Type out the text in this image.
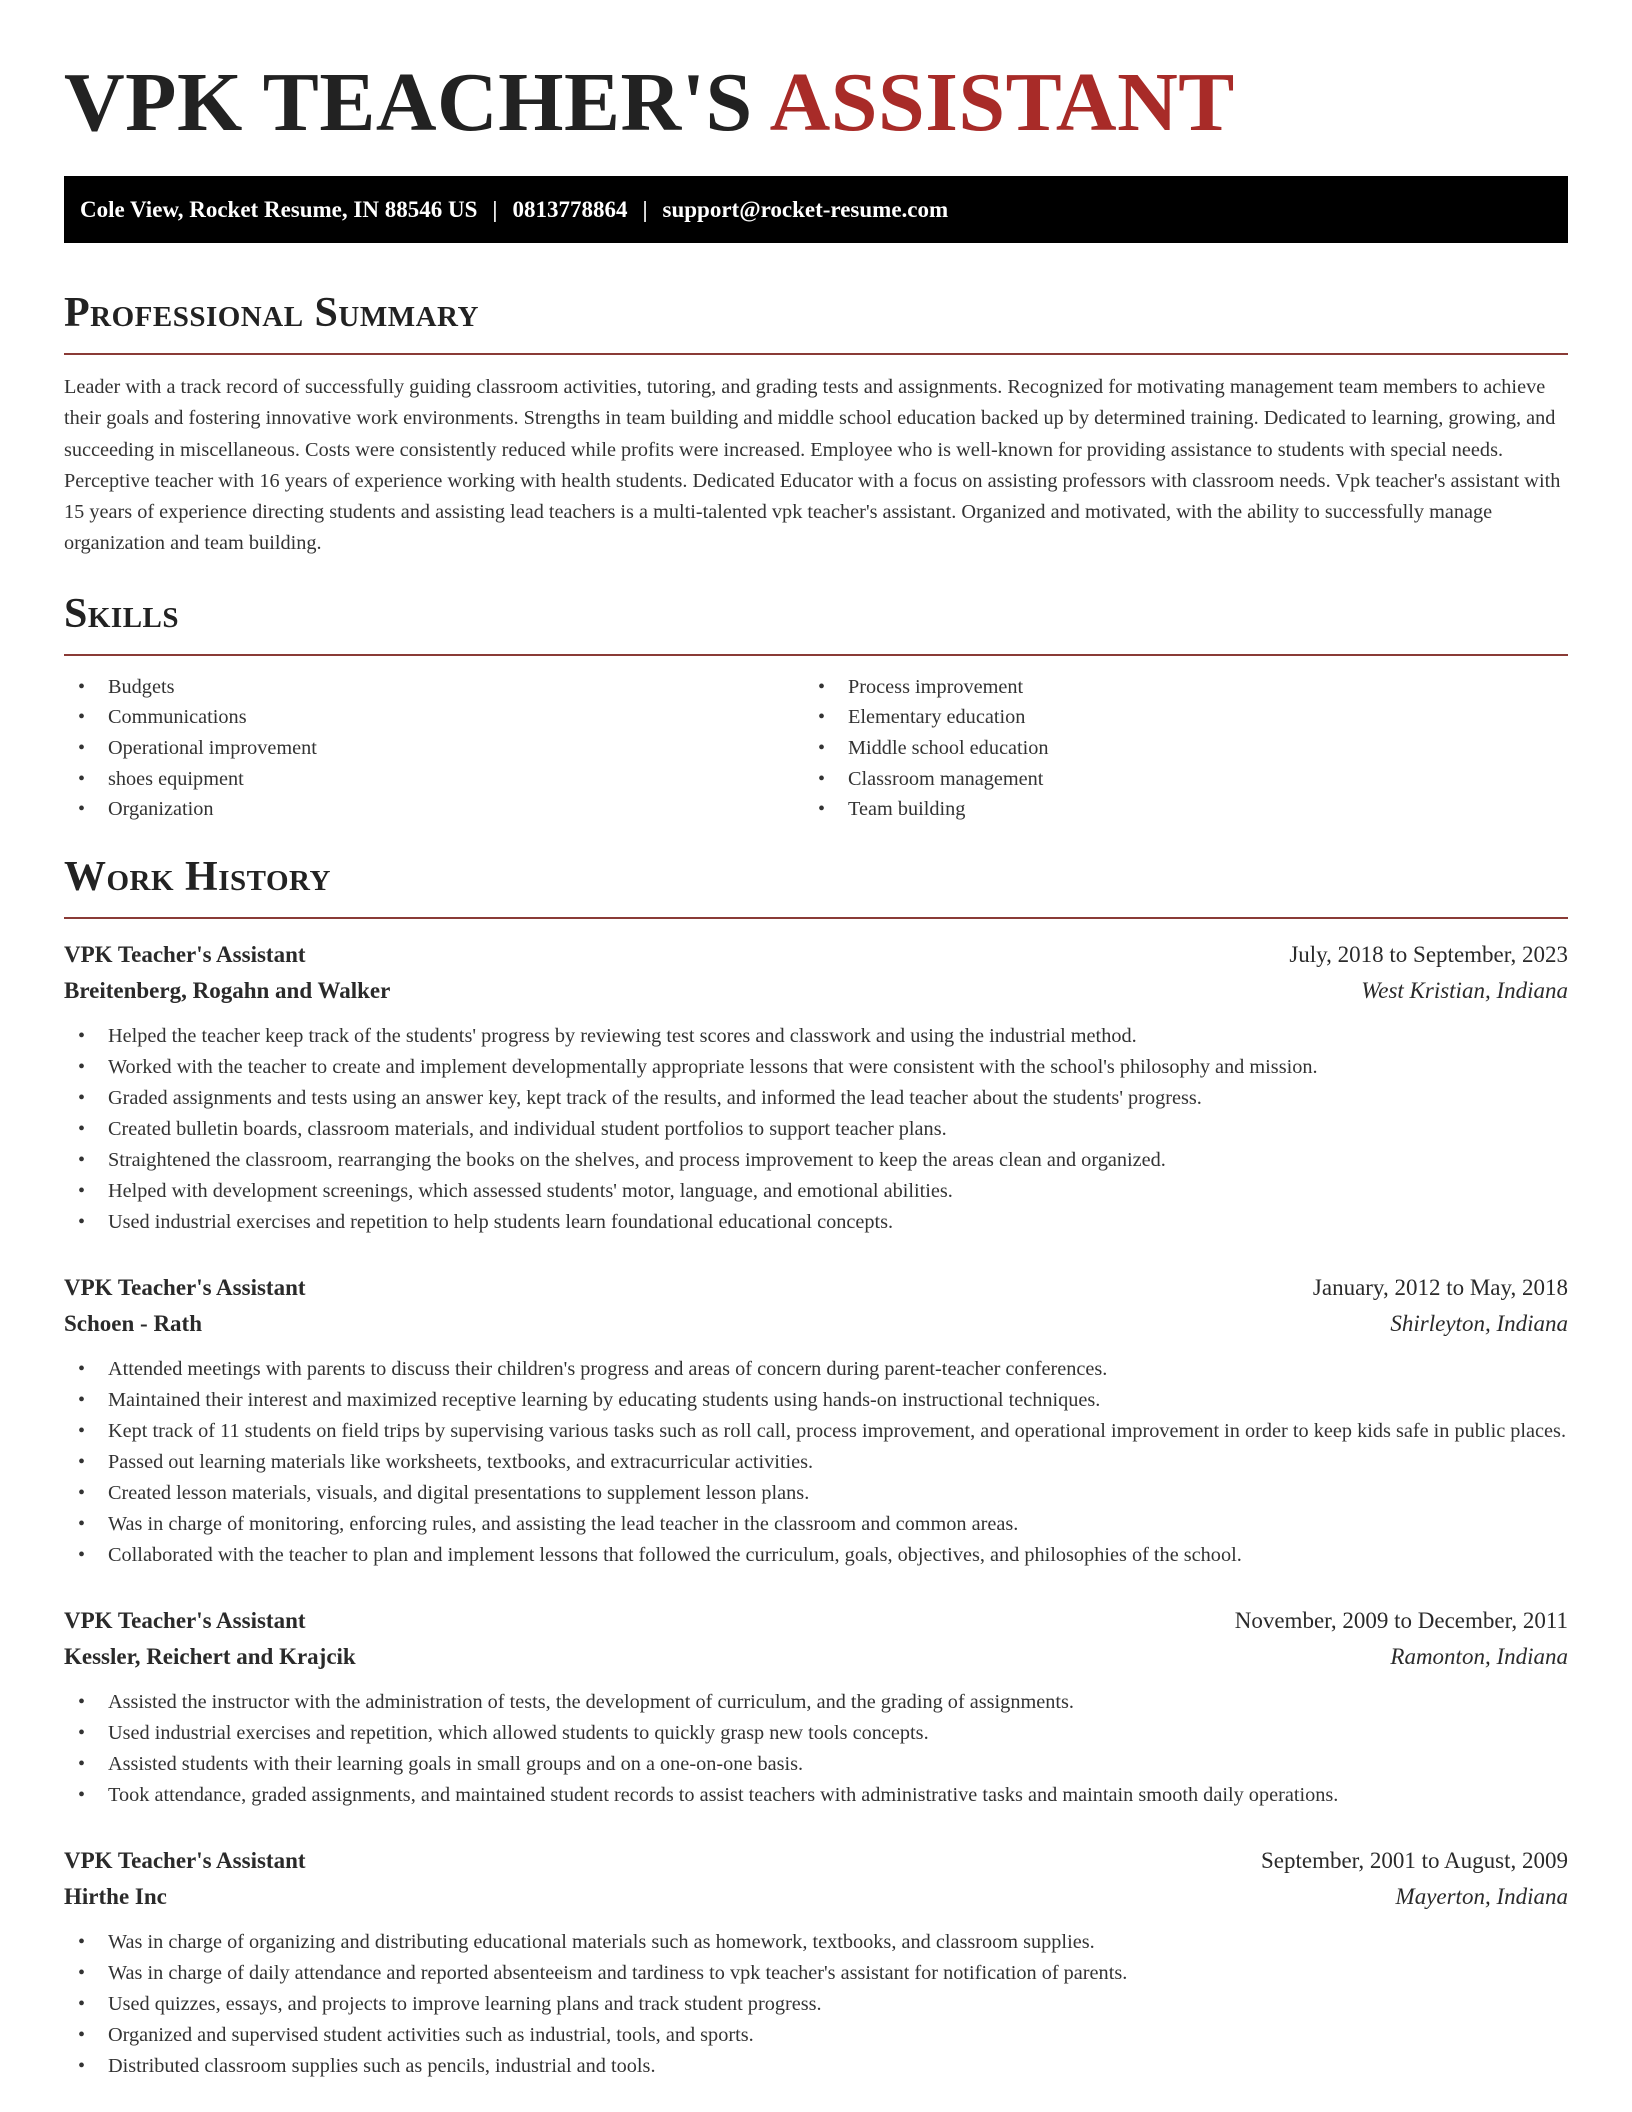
VPK TEACHER'S ASSISTANT
Cole View, Rocket Resume, IN 88546 US | 0813778864 | support@rocket-resume.com
Professional Summary

Leader with a track record of successfully guiding classroom activities, tutoring, and grading tests and assignments. Recognized for motivating management team members to achieve their goals and fostering innovative work environments. Strengths in team building and middle school education backed up by determined training. Dedicated to learning, growing, and succeeding in miscellaneous. Costs were consistently reduced while profits were increased. Employee who is well-known for providing assistance to students with special needs. Perceptive teacher with 16 years of experience working with health students. Dedicated Educator with a focus on assisting professors with classroom needs. Vpk teacher's assistant with 15 years of experience directing students and assisting lead teachers is a multi-talented vpk teacher's assistant. Organized and motivated, with the ability to successfully manage organization and team building.

Skills
• Budgets
• Communications
• Operational improvement
• shoes equipment
• Organization
• Process improvement
• Elementary education
• Middle school education
• Classroom management
• Team building
Work History
VPK Teacher's Assistant	July, 2018 to September, 2023
Breitenberg, Rogahn and Walker	West Kristian, Indiana
• Helped the teacher keep track of the students' progress by reviewing test scores and classwork and using the industrial method.
• Worked with the teacher to create and implement developmentally appropriate lessons that were consistent with the school's philosophy and mission.
• Graded assignments and tests using an answer key, kept track of the results, and informed the lead teacher about the students' progress.
• Created bulletin boards, classroom materials, and individual student portfolios to support teacher plans.
• Straightened the classroom, rearranging the books on the shelves, and process improvement to keep the areas clean and organized.
• Helped with development screenings, which assessed students' motor, language, and emotional abilities.
• Used industrial exercises and repetition to help students learn foundational educational concepts.
VPK Teacher's Assistant	January, 2012 to May, 2018
Schoen - Rath	Shirleyton, Indiana
• Attended meetings with parents to discuss their children's progress and areas of concern during parent-teacher conferences.
• Maintained their interest and maximized receptive learning by educating students using hands-on instructional techniques.
• Kept track of 11 students on field trips by supervising various tasks such as roll call, process improvement, and operational improvement in order to keep kids safe in public places.
• Passed out learning materials like worksheets, textbooks, and extracurricular activities.
• Created lesson materials, visuals, and digital presentations to supplement lesson plans.
• Was in charge of monitoring, enforcing rules, and assisting the lead teacher in the classroom and common areas.
• Collaborated with the teacher to plan and implement lessons that followed the curriculum, goals, objectives, and philosophies of the school.
VPK Teacher's Assistant	November, 2009 to December, 2011
Kessler, Reichert and Krajcik	Ramonton, Indiana
• Assisted the instructor with the administration of tests, the development of curriculum, and the grading of assignments.
• Used industrial exercises and repetition, which allowed students to quickly grasp new tools concepts.
• Assisted students with their learning goals in small groups and on a one-on-one basis.
• Took attendance, graded assignments, and maintained student records to assist teachers with administrative tasks and maintain smooth daily operations.
VPK Teacher's Assistant	September, 2001 to August, 2009
Hirthe Inc	Mayerton, Indiana
• Was in charge of organizing and distributing educational materials such as homework, textbooks, and classroom supplies.
• Was in charge of daily attendance and reported absenteeism and tardiness to vpk teacher's assistant for notification of parents.
• Used quizzes, essays, and projects to improve learning plans and track student progress.
• Organized and supervised student activities such as industrial, tools, and sports.
• Distributed classroom supplies such as pencils, industrial and tools.
